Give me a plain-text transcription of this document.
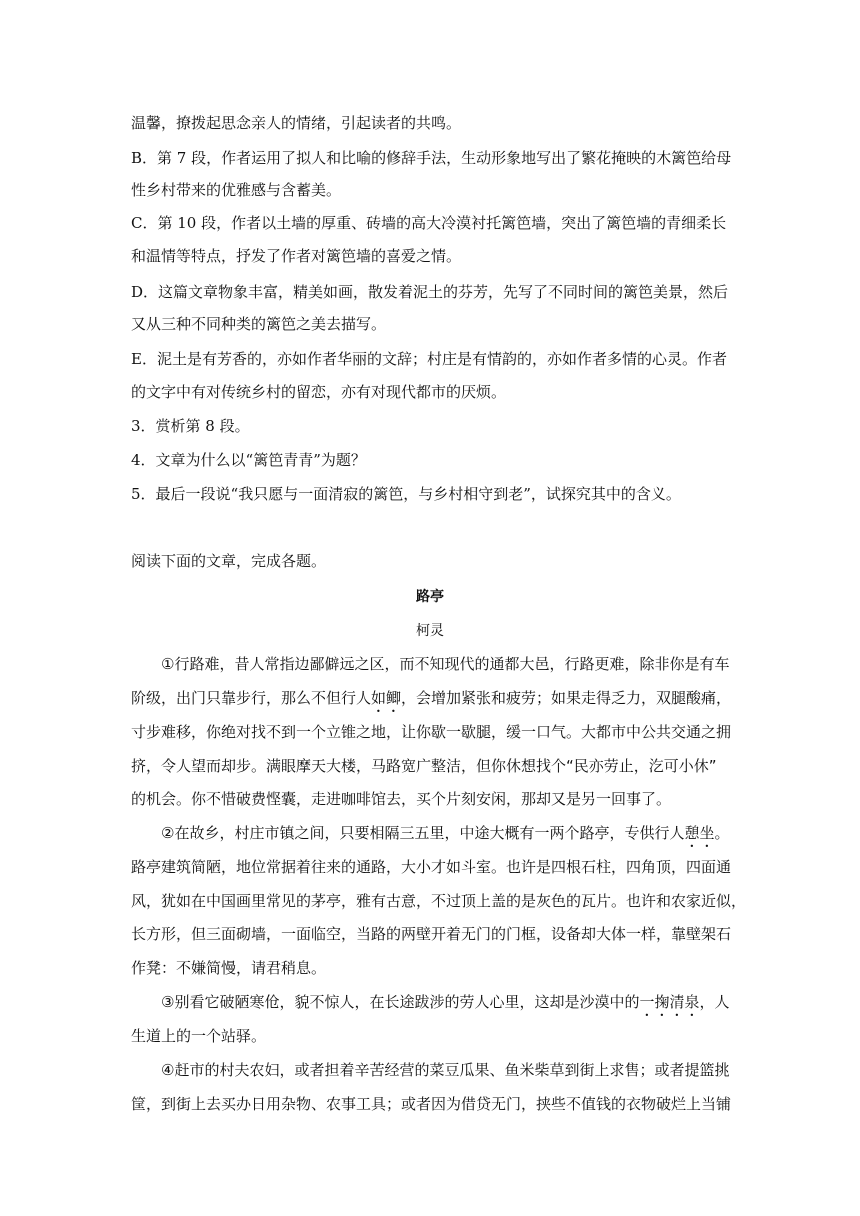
温馨，撩拨起思念亲人的情绪，引起读者的共鸣。
B．第 7 段，作者运用了拟人和比喻的修辞手法，生动形象地写出了繁花掩映的木篱笆给母
性乡村带来的优雅感与含蓄美。
C．第 10 段，作者以土墙的厚重、砖墙的高大冷漠衬托篱笆墙，突出了篱笆墙的青细柔长
和温情等特点，抒发了作者对篱笆墙的喜爱之情。
D．这篇文章物象丰富，精美如画，散发着泥土的芬芳，先写了不同时间的篱笆美景，然后
又从三种不同种类的篱笆之美去描写。
E．泥土是有芳香的，亦如作者华丽的文辞；村庄是有情韵的，亦如作者多情的心灵。作者
的文字中有对传统乡村的留恋，亦有对现代都市的厌烦。
3．赏析第 8 段。
4．文章为什么以“篱笆青青”为题？
5．最后一段说“我只愿与一面清寂的篱笆，与乡村相守到老”，试探究其中的含义。
阅读下面的文章，完成各题。
路亭
柯灵
①行路难，昔人常指边鄙僻远之区，而不知现代的通都大邑，行路更难，除非你是有车
阶级，出门只靠步行，那么不但行人如鲫，会增加紧张和疲劳；如果走得乏力，双腿酸痛，
寸步难移，你绝对找不到一个立锥之地，让你歇一歇腿，缓一口气。大都市中公共交通之拥
挤，令人望而却步。满眼摩天大楼，马路宽广整洁，但你休想找个“民亦劳止，汔可小休”
的机会。你不惜破费悭囊，走进咖啡馆去，买个片刻安闲，那却又是另一回事了。
②在故乡，村庄市镇之间，只要相隔三五里，中途大概有一两个路亭，专供行人憩坐。
路亭建筑简陋，地位常据着往来的通路，大小才如斗室。也许是四根石柱，四角顶，四面通
风，犹如在中国画里常见的茅亭，雅有古意，不过顶上盖的是灰色的瓦片。也许和农家近似，
长方形，但三面砌墙，一面临空，当路的两壁开着无门的门框，设备却大体一样，靠壁架石
作凳：不嫌简慢，请君稍息。
③别看它破陋寒伧，貌不惊人，在长途跋涉的劳人心里，这却是沙漠中的一掬清泉，人
生道上的一个站驿。
④赶市的村夫农妇，或者担着辛苦经营的菜豆瓜果、鱼米柴草到街上求售；或者提篮挑
筐，到街上去买办日用杂物、农事工具；或者因为借贷无门，挟些不值钱的衣物破烂上当铺
